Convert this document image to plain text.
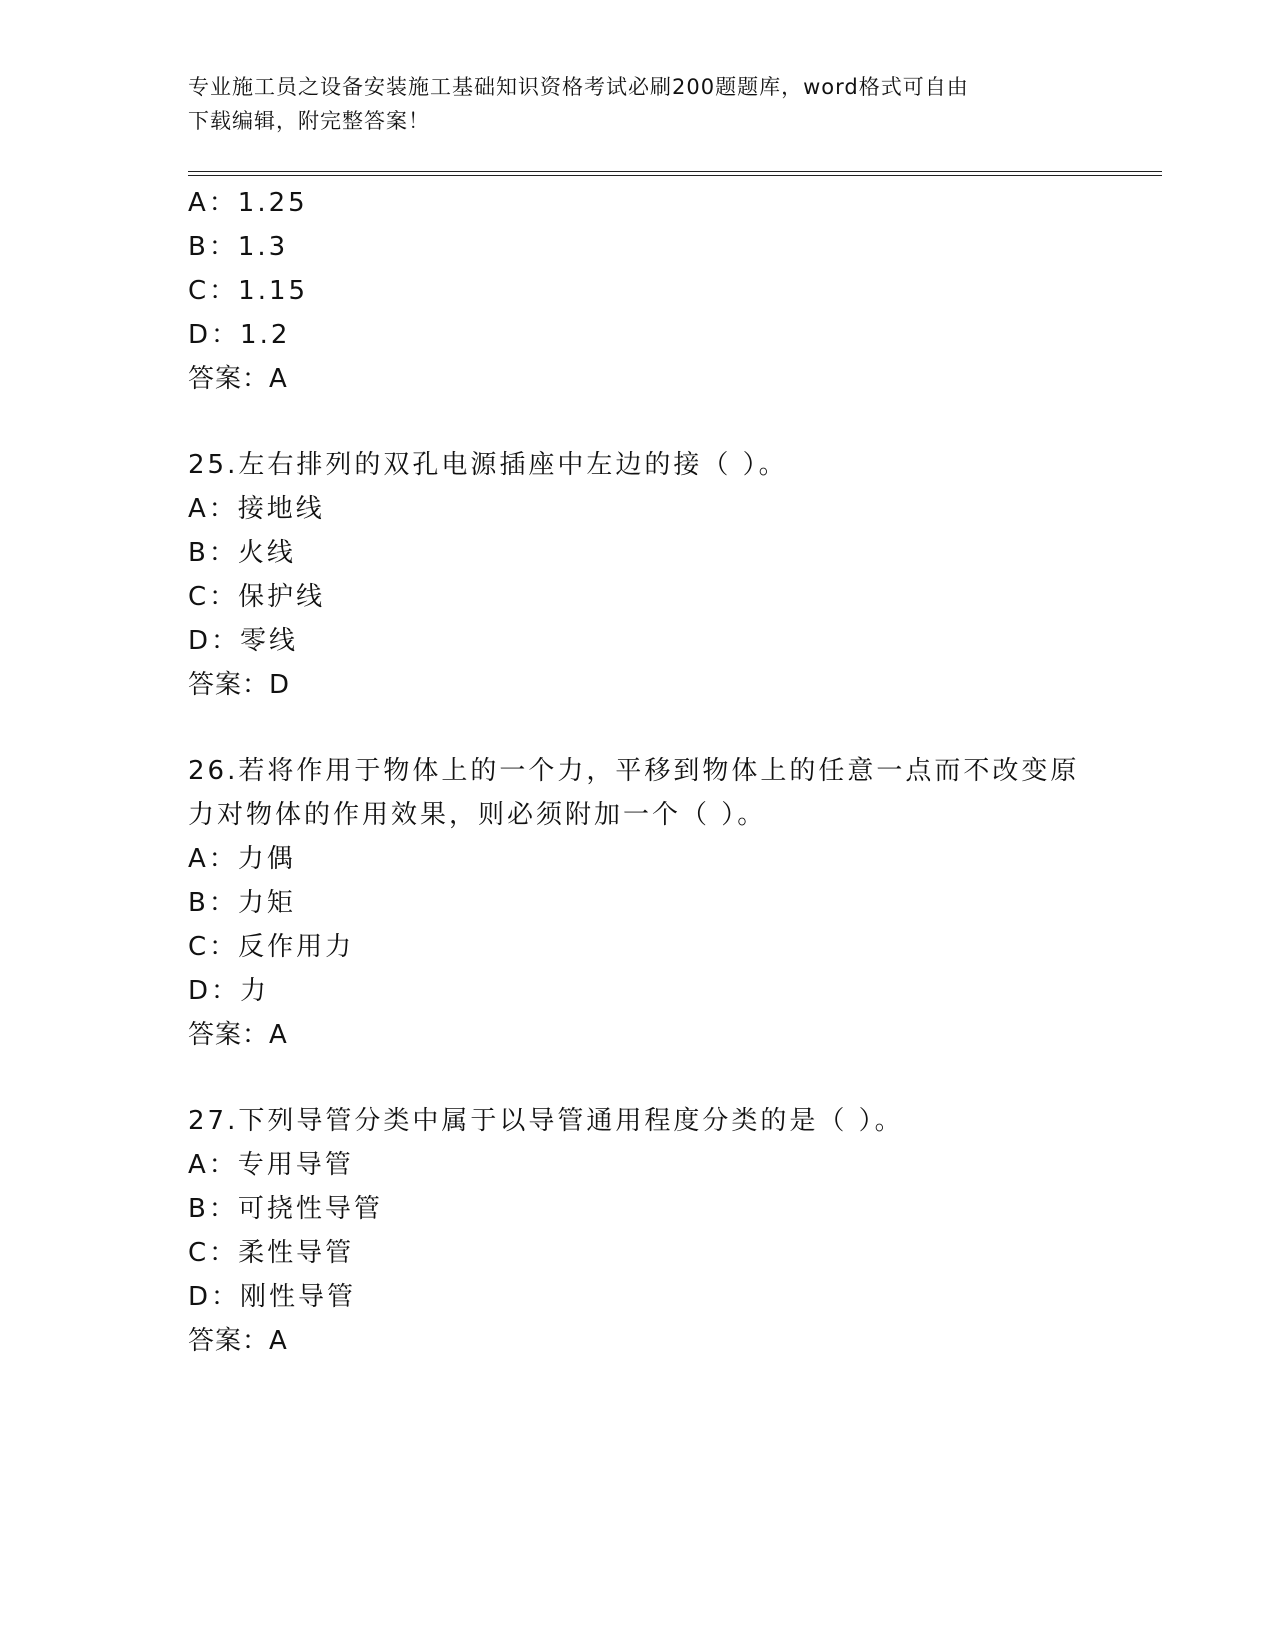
专业施工员之设备安装施工基础知识资格考试必刷200题题库，word格式可自由
下载编辑，附完整答案！
A：1.25
B：1.3
C：1.15
D：1.2
答案：A
25.左右排列的双孔电源插座中左边的接（ ）。
A：接地线
B：火线
C：保护线
D：零线
答案：D
26.若将作用于物体上的一个力，平移到物体上的任意一点而不改变原
力对物体的作用效果，则必须附加一个（ ）。
A：力偶
B：力矩
C：反作用力
D：力
答案：A
27.下列导管分类中属于以导管通用程度分类的是（ ）。
A：专用导管
B：可挠性导管
C：柔性导管
D：刚性导管
答案：A
